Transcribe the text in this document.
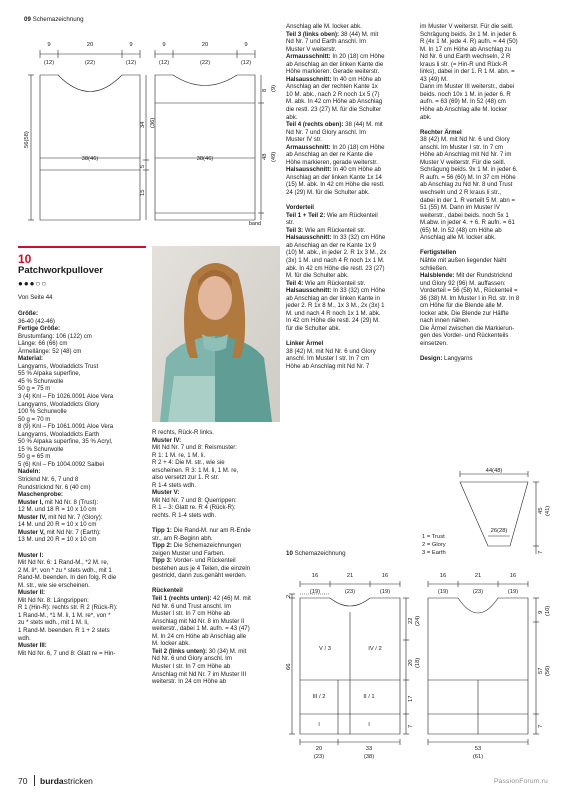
09 Schemazeichnung
9
(12)
20
(22)
9
(12)
9
(12)
20
(22)
9
(12)
38(46)	38(46)
band
56(58)
34 (36)
5
15
8 (9)
48 (49)
10
Patchworkpullover
●●●○○
Von Seite 44
Größe:
36-40 (42-46)
Fertige Größe:
Brustumfang: 106 (122) cm
Länge: 66 (66) cm
Ärmellänge: 52 (48) cm
Material:
Langyarns, Wooladdicts Trust
55 % Alpaka superfine,
45 % Schurwolle
50 g = 75 m
3 (4) Knl – Fb 1026.0091 Aloe Vera
Langyarns, Wooladdicts Glory
100 % Schurwolle
50 g = 70 m
8 (9) Knl – Fb 1061.0091 Aloe Vera
Langyarns, Wooladdicts Earth
50 % Alpaka superfine, 35 % Acryl,
15 % Schurwolle
50 g = 65 m
5 (6) Knl – Fb 1004.0092 Salbei
Nadeln:
Stricknd Nr. 6, 7 und 8
Rundstricknd Nr. 6 (40 cm)
Maschenprobe:
Muster I, mit Nd Nr. 8 (Trust):
12 M. und 18 R = 10 x 10 cm
Muster IV, mit Nd Nr. 7 (Glory):
14 M. und 20 R = 10 x 10 cm
Muster V, mit Nd Nr. 7 (Earth):
13 M. und 20 R = 10 x 10 cm

Muster I:
Mit Nd Nr. 6: 1 Rand-M., *2 M. re,
2 M. li*, von * zu * stets wdh., mit 1
Rand-M. beenden. In den folg. R die
M. str., wie sie erscheinen.
Muster II:
Mit Nd Nr. 8: Längsrippen:
R 1 (Hin-R): rechts str. R 2 (Rück-R):
1 Rand-M., *1 M. li, 1 M. re*, von *
zu * stets wdh., mit 1 M. li,
1 Rand-M. beenden. R 1 + 2 stets
wdh.
Muster III:
Mit Nd Nr. 6, 7 und 8: Glatt re = Hin-
R rechts, Rück-R links.
Muster IV:
Mit Nd Nr. 7 und 8: Reismuster:
R 1: 1 M. re, 1 M. li.
R 2 + 4: Die M. str., wie sie
erscheinen. R 3: 1 M. li, 1 M. re,
also versetzt zur 1. R str.
R 1-4 stets wdh.
Muster V:
Mit Nd Nr. 7 und 8: Querrippen:
R 1 – 3: Glatt re. R 4 (Rück-R):
rechts. R 1-4 stets wdh.

Tipp 1: Die Rand-M. nur am R-Ende
str., am R-Beginn abh.
Tipp 2: Die Schemazeichnungen
zeigen Muster und Farben.
Tipp 3: Vorder- und Rückenteil
bestehen aus je 4 Teilen, die einzeln
gestrickt, dann zus.genäht werden.

Rückenteil
Teil 1 (rechts unten): 42 (46) M. mit
Nd Nr. 6 und Trust anschl. Im
Muster I str. In 7 cm Höhe ab
Anschlag mit Nd Nr. 8 im Muster II
weiterstr., dabei 1 M. aufn. = 43 (47)
M. In 24 cm Höhe ab Anschlag alle
M. locker abk.
Teil 2 (links unten): 30 (34) M. mit
Nd Nr. 6 und Glory anschl. Im
Muster I str. In 7 cm Höhe ab
Anschlag mit Nd Nr. 7 im Muster III
weiterstr. In 24 cm Höhe ab
Anschlag alle M. locker abk.
Teil 3 (links oben): 38 (44) M. mit
Nd Nr. 7 und Earth anschl. Im
Muster V weiterstr.
Armausschnitt: In 20 (18) cm Höhe
ab Anschlag an der linken Kante die
Höhe markieren. Gerade weiterstr.
Halsausschnitt: In 40 cm Höhe ab
Anschlag an der rechten Kante 1x
10 M. abk., nach 2 R noch 1x 5 (7)
M. abk. In 42 cm Höhe ab Anschlag
die restl. 23 (27) M. für die Schulter
abk.
Teil 4 (rechts oben): 38 (44) M. mit
Nd Nr. 7 und Glory anschl. Im
Muster IV str.
Armausschnitt: In 20 (18) cm Höhe
ab Anschlag an der re Kante die
Höhe markieren, gerade weiterstr.
Halsausschnitt: In 40 cm Höhe ab
Anschlag an der linken Kante 1x 14
(15) M. abk. In 42 cm Höhe die restl.
24 (29) M. für die Schulter abk.

Vorderteil
Teil 1 + Teil 2: Wie am Rückenteil
str.
Teil 3: Wie am Rückenteil str.
Halsausschnitt: In 33 (32) cm Höhe
ab Anschlag an der re Kante 1x 9
(10) M. abk., in jeder 2. R 1x 3 M., 2x
(3x) 1 M. und nach 4 R noch 1x 1 M.
abk. In 42 cm Höhe die restl. 23 (27)
M. für die Schulter abk.
Teil 4: Wie am Rückenteil str.
Halsausschnitt: In 33 (32) cm Höhe
ab Anschlag an der linken Kante in
jeder 2. R 1x 8 M., 1x 3 M., 2x (3x) 1
M. und nach 4 R noch 1x 1 M. abk.
In 42 cm Höhe die restl. 24 (29) M.
für die Schulter abk.

Linker Ärmel
38 (42) M. mit Nd Nr. 6 und Glory
anschl. Im Muster I str. In 7 cm
Höhe ab Anschlag mit Nd Nr. 7
im Muster V weiterstr. Für die seitl.
Schrägung beids. 3x 1 M. in jeder 6.
R (4x 1 M. jede 4. R) aufn. = 44 (50)
M. In 17 cm Höhe ab Anschlag zu
Nd Nr. 6 und Earth wechseln, 2 R
kraus li str. (= Hin-R und Rück-R
links), dabei in der 1. R 1 M. abn. =
43 (49) M.
Dann im Muster III weiterstr., dabei
beids. noch 10x 1 M. in jeder 6. R
aufn. = 63 (69) M. In 52 (48) cm
Höhe ab Anschlag alle M. locker
abk.

Rechter Ärmel
38 (42) M. mit Nd Nr. 6 und Glory
anschl. Im Muster I str. In 7 cm
Höhe ab Anschlag mit Nd Nr. 7 im
Muster V weiterstr. Für die seitl.
Schrägung beids. 9x 1 M. in jeder 6.
R aufn. = 56 (60) M. In 37 cm Höhe
ab Anschlag zu Nd Nr. 8 und Trust
wechseln und 2 R kraus li str.,
dabei in der 1. R verteilt 5 M. abn =
51 (55) M. Dann im Muster IV
weiterstr., dabei beids. noch 5x 1
M.abw. in jeder 4. + 6. R aufn. = 61
(65) M. In 52 (48) cm Höhe ab
Anschlag alle M. locker abk.

Fertigstellen
Nähte mit außen liegender Naht
schließen.
Halsblende: Mit der Rundstricknd
und Glory 92 (96) M. auffassen:
Vorderteil = 56 (58) M., Rückenteil =
36 (38) M. Im Muster I in Rd. str. In 8
cm Höhe für die Blende alle M.
locker abk. Die Blende zur Hälfte
nach innen nähen.
Die Ärmel zwischen die Markierun-
gen des Vorder- und Rückenteils
einsetzen.

Design: Langyarns
44(48)
26(28)
45 (41)
7
1 = Trust
2 = Glory
3 = Earth
10 Schemazeichnung
16
(19)
21
(23)
16
(19)
V / 3	IV / 2
III / 2	II / 1
I	I
20
(23)
33
(38)
16
(19)
21
(23)
16
(19)
53
(61)
2
66
22 (24)
20 (18)
17
7
9 (10)
57 (56)
7
70 burdastricken	PassionForum.ru
